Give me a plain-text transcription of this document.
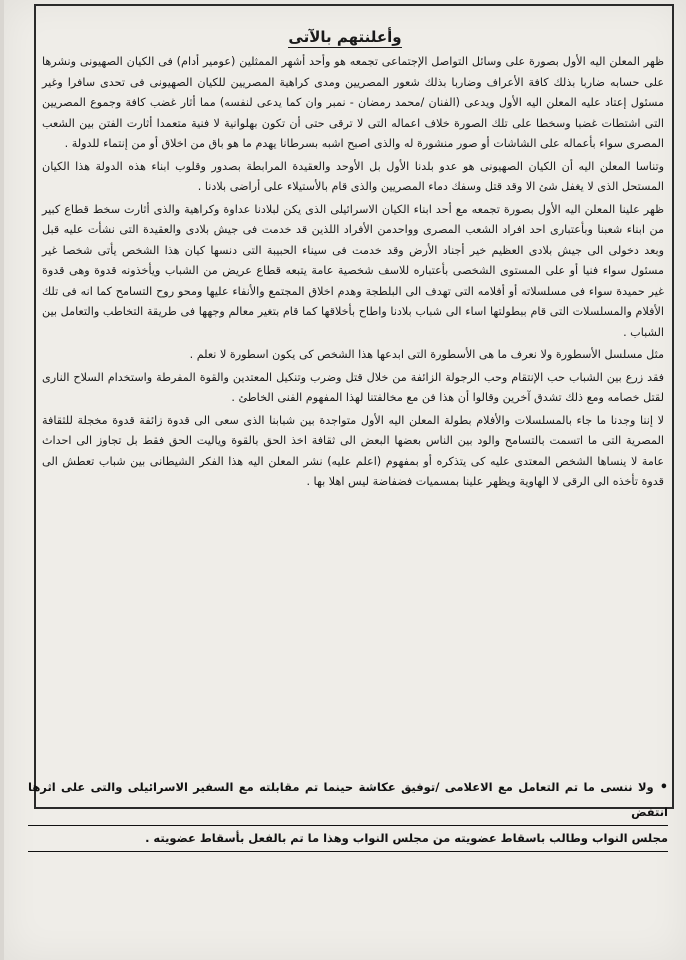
وأعلنتهم بالآتى

ظهر المعلن اليه الأول بصورة على وسائل التواصل الإجتماعى تجمعه هو وأحد أشهر الممثلين (عومير أدام) فى الكيان الصهيونى ونشرها على حسابه ضاربا بذلك كافة الأعراف وضاربا بذلك شعور المصريين ومدى كراهية المصريين للكيان الصهيونى فى تحدى سافرا وغير مسئول إعتاد عليه المعلن اليه الأول ويدعى (الفنان /محمد رمضان - نمبر وان كما يدعى لنفسه) مما أثار غضب كافة وجموع المصريين التى اشتطات غضبا وسخطا على تلك الصورة خلاف اعماله التى لا ترقى حتى أن تكون بهلوانية لا فنية متعمدا أثارت الفتن بين الشعب المصرى سواء بأعماله على الشاشات أو صور منشورة له والذى اصبح اشبه بسرطانا يهدم ما هو باق من اخلاق أو من إنتماء للدولة .

وتناسا المعلن اليه أن الكيان الصهيونى هو عدو بلدنا الأول بل الأوحد والعقيدة المرابطة بصدور وقلوب ابناء هذه الدولة هذا الكيان المستحل الذى لا يغفل شئ الا وقد قتل وسفك دماء المصريين والذى قام بالأستيلاء على أراضى بلادنا .

ظهر علينا المعلن اليه الأول بصورة تجمعه مع أحد ابناء الكيان الاسرائيلى الذى يكن لبلادنا عداوة وكراهية والذى أثارت سخط قطاع كبير من ابناء شعبنا وبأعتبارى احد افراد الشعب المصرى وواحدمن الأفراد اللذين قد خدمت فى جيش بلادى والعقيدة التى نشأت عليه قبل وبعد دخولى الى جيش بلادى العظيم خير أجناد الأرض وقد خدمت فى سيناء الحبيبة التى دنسها كيان هذا الشخص يأتى شخصا غير مسئول سواء فنيا أو على المستوى الشخصى بأعتباره للاسف شخصية عامة يتبعه قطاع عريض من الشباب ويأخذونه قدوة وهى قدوة غير حميدة سواء فى مسلسلاته أو أفلامه التى تهدف الى البلطجة وهدم اخلاق المجتمع والأنفاء عليها ومحو روح التسامح كما انه فى تلك الأفلام والمسلسلات التى قام ببطولتها اساء الى شباب بلادنا واطاح بأخلاقها كما قام بتغير معالم وجهها فى طريقة التخاطب والتعامل بين الشباب .

مثل مسلسل الأسطورة ولا نعرف ما هى الأسطورة التى ابدعها هذا الشخص كى يكون اسطورة لا نعلم .

فقد زرع بين الشباب حب الإنتقام وحب الرجولة الزائفة من خلال قتل وضرب وتنكيل المعتدين والقوة المفرطة واستخدام السلاح النارى لقتل خصامه ومع ذلك تشدق آخرين وقالوا أن هذا فن مع مخالفتنا لهذا المفهوم الفنى الخاطئ .

لا إننا وجدنا ما جاء بالمسلسلات والأفلام بطولة المعلن اليه الأول متواجدة بين شبابنا الذى سعى الى قدوة زائفة قدوة مخجلة للثقافة المصرية التى ما اتسمت بالتسامح والود بين الناس بعضها البعض الى ثقافة اخذ الحق بالقوة وياليت الحق فقط بل تجاوز الى احداث عامة لا ينساها الشخص المعتدى عليه كى يتذكره أو بمفهوم (اعلم عليه) نشر المعلن اليه هذا الفكر الشيطانى بين شباب تعطش الى قدوة تأخذه الى الرقى لا الهاوية ويظهر علينا بمسميات فضفاضة ليس اهلا بها .

•ولا ننسى ما تم التعامل مع الاعلامى /توفيق عكاشة حينما تم مقابلته مع السفير الاسرائيلى والتى على اثرها انتفض
مجلس النواب وطالب باسقاط عضويته من مجلس النواب وهذا ما تم بالفعل بأسقاط عضويته .
